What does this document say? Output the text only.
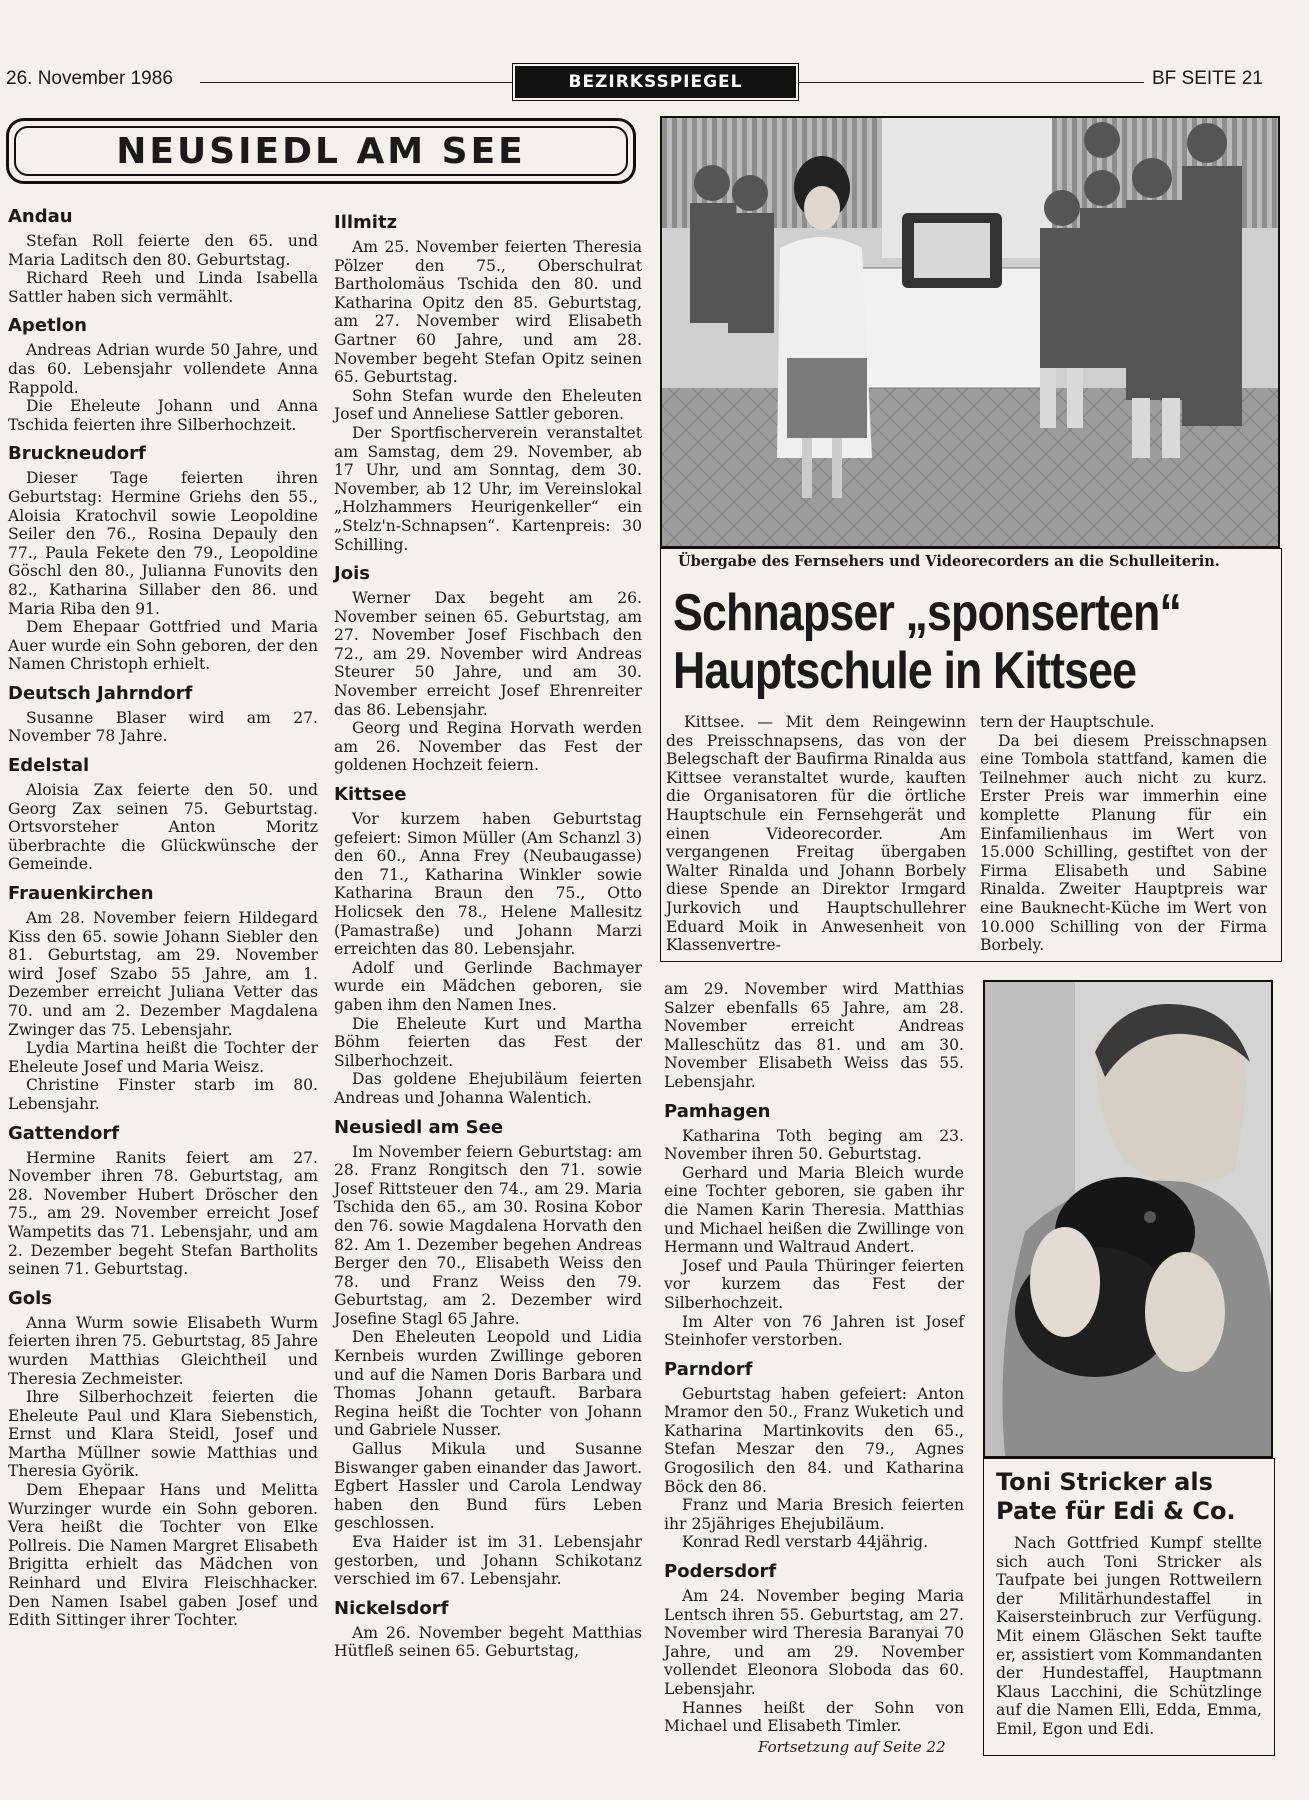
26. November 1986	BEZIRKSSPIEGEL	BF SEITE 21
NEUSIEDL AM SEE
Andau

Stefan Roll feierte den 65. und Maria Laditsch den 80. Geburtstag.

Richard Reeh und Linda Isabella Sattler haben sich vermählt.

Apetlon

Andreas Adrian wurde 50 Jahre, und das 60. Lebensjahr vollendete Anna Rappold.

Die Eheleute Johann und Anna Tschida feierten ihre Silberhochzeit.

Bruckneudorf

Dieser Tage feierten ihren Geburtstag: Hermine Griehs den 55., Aloisia Kratochvil sowie Leopoldine Seiler den 76., Rosina Depauly den 77., Paula Fekete den 79., Leopoldine Göschl den 80., Julianna Funovits den 82., Katharina Sillaber den 86. und Maria Riba den 91.

Dem Ehepaar Gottfried und Maria Auer wurde ein Sohn geboren, der den Namen Christoph erhielt.

Deutsch Jahrndorf

Susanne Blaser wird am 27. November 78 Jahre.

Edelstal

Aloisia Zax feierte den 50. und Georg Zax seinen 75. Geburtstag. Ortsvorsteher Anton Moritz überbrachte die Glückwünsche der Gemeinde.

Frauenkirchen

Am 28. November feiern Hildegard Kiss den 65. sowie Johann Siebler den 81. Geburtstag, am 29. November wird Josef Szabo 55 Jahre, am 1. Dezember erreicht Juliana Vetter das 70. und am 2. Dezember Magdalena Zwinger das 75. Lebensjahr.

Lydia Martina heißt die Tochter der Eheleute Josef und Maria Weisz.

Christine Finster starb im 80. Lebensjahr.

Gattendorf

Hermine Ranits feiert am 27. November ihren 78. Geburtstag, am 28. November Hubert Dröscher den 75., am 29. November erreicht Josef Wampetits das 71. Lebensjahr, und am 2. Dezember begeht Stefan Bartholits seinen 71. Geburtstag.

Gols

Anna Wurm sowie Elisabeth Wurm feierten ihren 75. Geburtstag, 85 Jahre wurden Matthias Gleichtheil und Theresia Zechmeister.

Ihre Silberhochzeit feierten die Eheleute Paul und Klara Siebenstich, Ernst und Klara Steidl, Josef und Martha Müllner sowie Matthias und Theresia Györik.

Dem Ehepaar Hans und Melitta Wurzinger wurde ein Sohn geboren. Vera heißt die Tochter von Elke Pollreis. Die Namen Margret Elisabeth Brigitta erhielt das Mädchen von Reinhard und Elvira Fleischhacker. Den Namen Isabel gaben Josef und Edith Sittinger ihrer Tochter.

Illmitz

Am 25. November feierten Theresia Pölzer den 75., Oberschulrat Bartholomäus Tschida den 80. und Katharina Opitz den 85. Geburtstag, am 27. November wird Elisabeth Gartner 60 Jahre, und am 28. November begeht Stefan Opitz seinen 65. Geburtstag.

Sohn Stefan wurde den Eheleuten Josef und Anneliese Sattler geboren.

Der Sportfischerverein veranstaltet am Samstag, dem 29. November, ab 17 Uhr, und am Sonntag, dem 30. November, ab 12 Uhr, im Vereinslokal „Holzhammers Heurigenkeller“ ein „Stelz'n-Schnapsen“. Kartenpreis: 30 Schilling.

Jois

Werner Dax begeht am 26. November seinen 65. Geburtstag, am 27. November Josef Fischbach den 72., am 29. November wird Andreas Steurer 50 Jahre, und am 30. November erreicht Josef Ehrenreiter das 86. Lebensjahr.

Georg und Regina Horvath werden am 26. November das Fest der goldenen Hochzeit feiern.

Kittsee

Vor kurzem haben Geburtstag gefeiert: Simon Müller (Am Schanzl 3) den 60., Anna Frey (Neubaugasse) den 71., Katharina Winkler sowie Katharina Braun den 75., Otto Holicsek den 78., Helene Mallesitz (Pamastraße) und Johann Marzi erreichten das 80. Lebensjahr.

Adolf und Gerlinde Bachmayer wurde ein Mädchen geboren, sie gaben ihm den Namen Ines.

Die Eheleute Kurt und Martha Böhm feierten das Fest der Silberhochzeit.

Das goldene Ehejubiläum feierten Andreas und Johanna Walentich.

Neusiedl am See

Im November feiern Geburtstag: am 28. Franz Rongitsch den 71. sowie Josef Rittsteuer den 74., am 29. Maria Tschida den 65., am 30. Rosina Kobor den 76. sowie Magdalena Horvath den 82. Am 1. Dezember begehen Andreas Berger den 70., Elisabeth Weiss den 78. und Franz Weiss den 79. Geburtstag, am 2. Dezember wird Josefine Stagl 65 Jahre.

Den Eheleuten Leopold und Lidia Kernbeis wurden Zwillinge geboren und auf die Namen Doris Barbara und Thomas Johann getauft. Barbara Regina heißt die Tochter von Johann und Gabriele Nusser.

Gallus Mikula und Susanne Biswanger gaben einander das Jawort. Egbert Hassler und Carola Lendway haben den Bund fürs Leben geschlossen.

Eva Haider ist im 31. Lebensjahr gestorben, und Johann Schikotanz verschied im 67. Lebensjahr.

Nickelsdorf

Am 26. November begeht Matthias Hütfleß seinen 65. Geburtstag,

Übergabe des Fernsehers und Videorecorders an die Schulleiterin.
Schnapser „sponserten“
Hauptschule in Kittsee

Kittsee. — Mit dem Reingewinn des Preisschnapsens, das von der Belegschaft der Baufirma Rinalda aus Kittsee veranstaltet wurde, kauften die Organisatoren für die örtliche Hauptschule ein Fernsehgerät und einen Videorecorder. Am vergangenen Freitag übergaben Walter Rinalda und Johann Borbely diese Spende an Direktor Irmgard Jurkovich und Hauptschullehrer Eduard Moik in Anwesenheit von Klassenvertre-

tern der Hauptschule.

Da bei diesem Preisschnapsen eine Tombola stattfand, kamen die Teilnehmer auch nicht zu kurz. Erster Preis war immerhin eine komplette Planung für ein Einfamilienhaus im Wert von 15.000 Schilling, gestiftet von der Firma Elisabeth und Sabine Rinalda. Zweiter Hauptpreis war eine Bauknecht-Küche im Wert von 10.000 Schilling von der Firma Borbely.

am 29. November wird Matthias Salzer ebenfalls 65 Jahre, am 28. November erreicht Andreas Malleschütz das 81. und am 30. November Elisabeth Weiss das 55. Lebensjahr.

Pamhagen

Katharina Toth beging am 23. November ihren 50. Geburtstag.

Gerhard und Maria Bleich wurde eine Tochter geboren, sie gaben ihr die Namen Karin Theresia. Matthias und Michael heißen die Zwillinge von Hermann und Waltraud Andert.

Josef und Paula Thüringer feierten vor kurzem das Fest der Silberhochzeit.

Im Alter von 76 Jahren ist Josef Steinhofer verstorben.

Parndorf

Geburtstag haben gefeiert: Anton Mramor den 50., Franz Wuketich und Katharina Martinkovits den 65., Stefan Meszar den 79., Agnes Grogosilich den 84. und Katharina Böck den 86.

Franz und Maria Bresich feierten ihr 25jähriges Ehejubiläum.

Konrad Redl verstarb 44jährig.

Podersdorf

Am 24. November beging Maria Lentsch ihren 55. Geburtstag, am 27. November wird Theresia Baranyai 70 Jahre, und am 29. November vollendet Eleonora Sloboda das 60. Lebensjahr.

Hannes heißt der Sohn von Michael und Elisabeth Timler.

Fortsetzung auf Seite 22
Toni Stricker als Pate für Edi & Co.

Nach Gottfried Kumpf stellte sich auch Toni Stricker als Taufpate bei jungen Rottweilern der Militärhundestaffel in Kaisersteinbruch zur Verfügung. Mit einem Gläschen Sekt taufte er, assistiert vom Kommandanten der Hundestaffel, Hauptmann Klaus Lacchini, die Schützlinge auf die Namen Elli, Edda, Emma, Emil, Egon und Edi.
